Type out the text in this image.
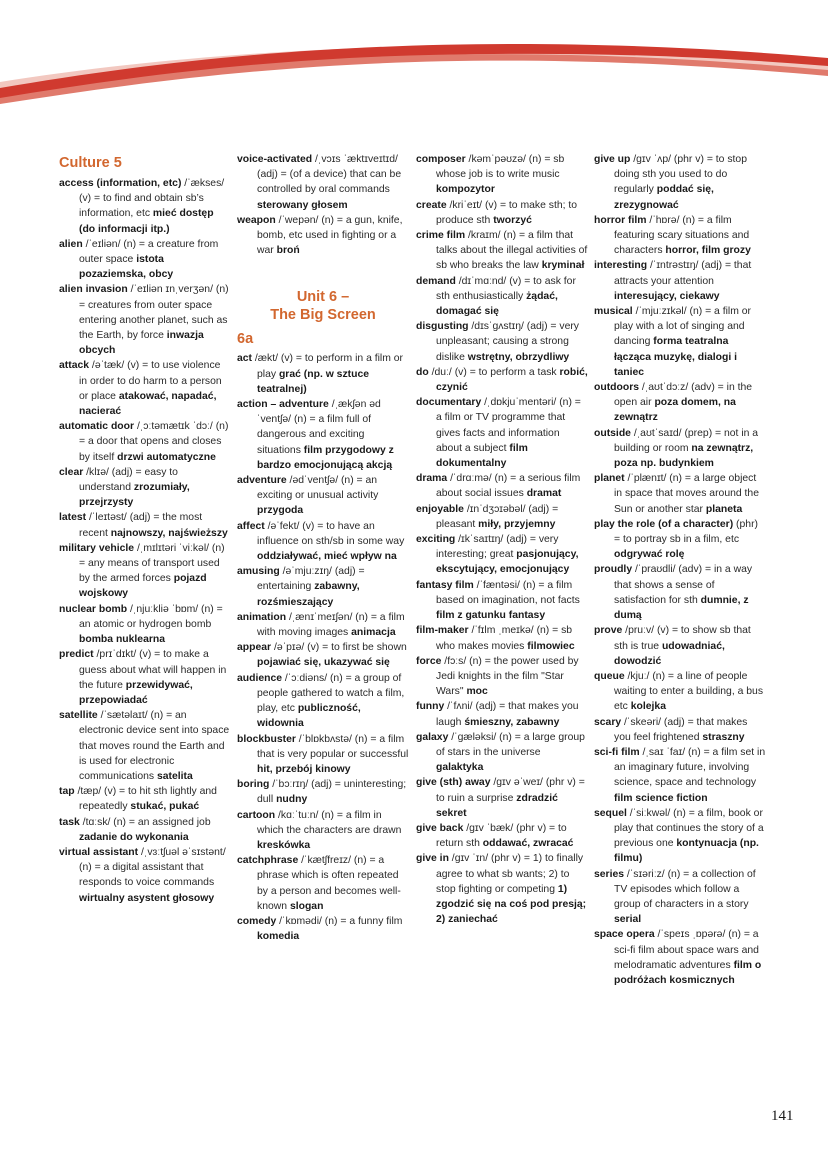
Culture 5
access (information, etc) /ˈækses/ (v) = to find and obtain sb’s information, etc mieć dostęp (do informacji itp.)
alien /ˈeɪliən/ (n) = a creature from outer space istota pozaziemska, obcy
alien invasion /ˈeɪliən ɪnˌverʒən/ (n) = creatures from outer space entering another planet, such as the Earth, by force inwazja obcych
attack /əˈtæk/ (v) = to use violence in order to do harm to a person or place atakować, napadać, nacierać
automatic door /ˌɔːtəmætɪk ˈdɔː/ (n) = a door that opens and closes by itself drzwi automatyczne
clear /klɪə/ (adj) = easy to understand zrozumiały, przejrzysty
latest /ˈleɪtəst/ (adj) = the most recent najnowszy, najświeższy
military vehicle /ˌmɪlɪtəri ˈviːkəl/ (n) = any means of transport used by the armed forces pojazd wojskowy
nuclear bomb /ˌnjuːkliə ˈbɒm/ (n) = an atomic or hydrogen bomb bomba nuklearna
predict /prɪˈdɪkt/ (v) = to make a guess about what will happen in the future przewidywać, przepowiadać
satellite /ˈsætəlaɪt/ (n) = an electronic device sent into space that moves round the Earth and is used for electronic communications satelita
tap /tæp/ (v) = to hit sth lightly and repeatedly stukać, pukać
task /tɑːsk/ (n) = an assigned job zadanie do wykonania
virtual assistant /ˌvɜːtʃuəl əˈsɪstənt/ (n) = a digital assistant that responds to voice commands wirtualny asystent głosowy
voice-activated /ˌvɔɪs ˈæktɪveɪtɪd/ (adj) = (of a device) that can be controlled by oral commands sterowany głosem
weapon /ˈwepən/ (n) = a gun, knife, bomb, etc used in fighting or a war broń
Unit 6 –
The Big Screen
6a
act /ækt/ (v) = to perform in a film or play grać (np. w sztuce teatralnej)
action – adventure /ˌækʃən ədˈventʃə/ (n) = a film full of dangerous and exciting situations film przygodowy z bardzo emocjonującą akcją
adventure /ədˈventʃə/ (n) = an exciting or unusual activity przygoda
affect /əˈfekt/ (v) = to have an influence on sth/sb in some way oddziaływać, mieć wpływ na
amusing /əˈmjuːzɪŋ/ (adj) = entertaining zabawny, rozśmieszający
animation /ˌænɪˈmeɪʃən/ (n) = a film with moving images animacja
appear /əˈpɪə/ (v) = to first be shown pojawiać się, ukazywać się
audience /ˈɔːdiəns/ (n) = a group of people gathered to watch a film, play, etc publiczność, widownia
blockbuster /ˈblɒkbʌstə/ (n) = a film that is very popular or successful hit, przebój kinowy
boring /ˈbɔːrɪŋ/ (adj) = uninteresting; dull nudny
cartoon /kɑːˈtuːn/ (n) = a film in which the characters are drawn kreskówka
catchphrase /ˈkætʃfreɪz/ (n) = a phrase which is often repeated by a person and becomes well-known slogan
comedy /ˈkɒmədi/ (n) = a funny film komedia
composer /kəmˈpəʊzə/ (n) = sb whose job is to write music kompozytor
create /kriˈeɪt/ (v) = to make sth; to produce sth tworzyć
crime film /kraɪm/ (n) = a film that talks about the illegal activities of sb who breaks the law kryminał
demand /dɪˈmɑːnd/ (v) = to ask for sth enthusiastically żądać, domagać się
disgusting /dɪsˈɡʌstɪŋ/ (adj) = very unpleasant; causing a strong dislike wstrętny, obrzydliwy
do /duː/ (v) = to perform a task robić, czynić
documentary /ˌdɒkjuˈmentəri/ (n) = a film or TV programme that gives facts and information about a subject film dokumentalny
drama /ˈdrɑːmə/ (n) = a serious film about social issues dramat
enjoyable /ɪnˈdʒɔɪəbəl/ (adj) = pleasant miły, przyjemny
exciting /ɪkˈsaɪtɪŋ/ (adj) = very interesting; great pasjonujący, ekscytujący, emocjonujący
fantasy film /ˈfæntəsi/ (n) = a film based on imagination, not facts film z gatunku fantasy
film-maker /ˈfɪlm ˌmeɪkə/ (n) = sb who makes movies filmowiec
force /fɔːs/ (n) = the power used by Jedi knights in the film "Star Wars" moc
funny /ˈfʌni/ (adj) = that makes you laugh śmieszny, zabawny
galaxy /ˈɡæləksi/ (n) = a large group of stars in the universe galaktyka
give (sth) away /ɡɪv əˈweɪ/ (phr v) = to ruin a surprise zdradzić sekret
give back /ɡɪv ˈbæk/ (phr v) = to return sth oddawać, zwracać
give in /ɡɪv ˈɪn/ (phr v) = 1) to finally agree to what sb wants; 2) to stop fighting or competing 1) zgodzić się na coś pod presją; 2) zaniechać
give up /ɡɪv ˈʌp/ (phr v) = to stop doing sth you used to do regularly poddać się, zrezygnować
horror film /ˈhɒrə/ (n) = a film featuring scary situations and characters horror, film grozy
interesting /ˈɪntrəstɪŋ/ (adj) = that attracts your attention interesujący, ciekawy
musical /ˈmjuːzɪkəl/ (n) = a film or play with a lot of singing and dancing forma teatralna łącząca muzykę, dialogi i taniec
outdoors /ˌaʊtˈdɔːz/ (adv) = in the open air poza domem, na zewnątrz
outside /ˌaʊtˈsaɪd/ (prep) = not in a building or room na zewnątrz, poza np. budynkiem
planet /ˈplænɪt/ (n) = a large object in space that moves around the Sun or another star planeta
play the role (of a character) (phr) = to portray sb in a film, etc odgrywać rolę
proudly /ˈpraʊdli/ (adv) = in a way that shows a sense of satisfaction for sth dumnie, z dumą
prove /pruːv/ (v) = to show sb that sth is true udowadniać, dowodzić
queue /kjuː/ (n) = a line of people waiting to enter a building, a bus etc kolejka
scary /ˈskeəri/ (adj) = that makes you feel frightened straszny
sci-fi film /ˌsaɪ ˈfaɪ/ (n) = a film set in an imaginary future, involving science, space and technology film science fiction
sequel /ˈsiːkwəl/ (n) = a film, book or play that continues the story of a previous one kontynuacja (np. filmu)
series /ˈsɪəriːz/ (n) = a collection of TV episodes which follow a group of characters in a story serial
space opera /ˈspeɪs ˌɒpərə/ (n) = a sci-fi film about space wars and melodramatic adventures film o podróżach kosmicznych
141
